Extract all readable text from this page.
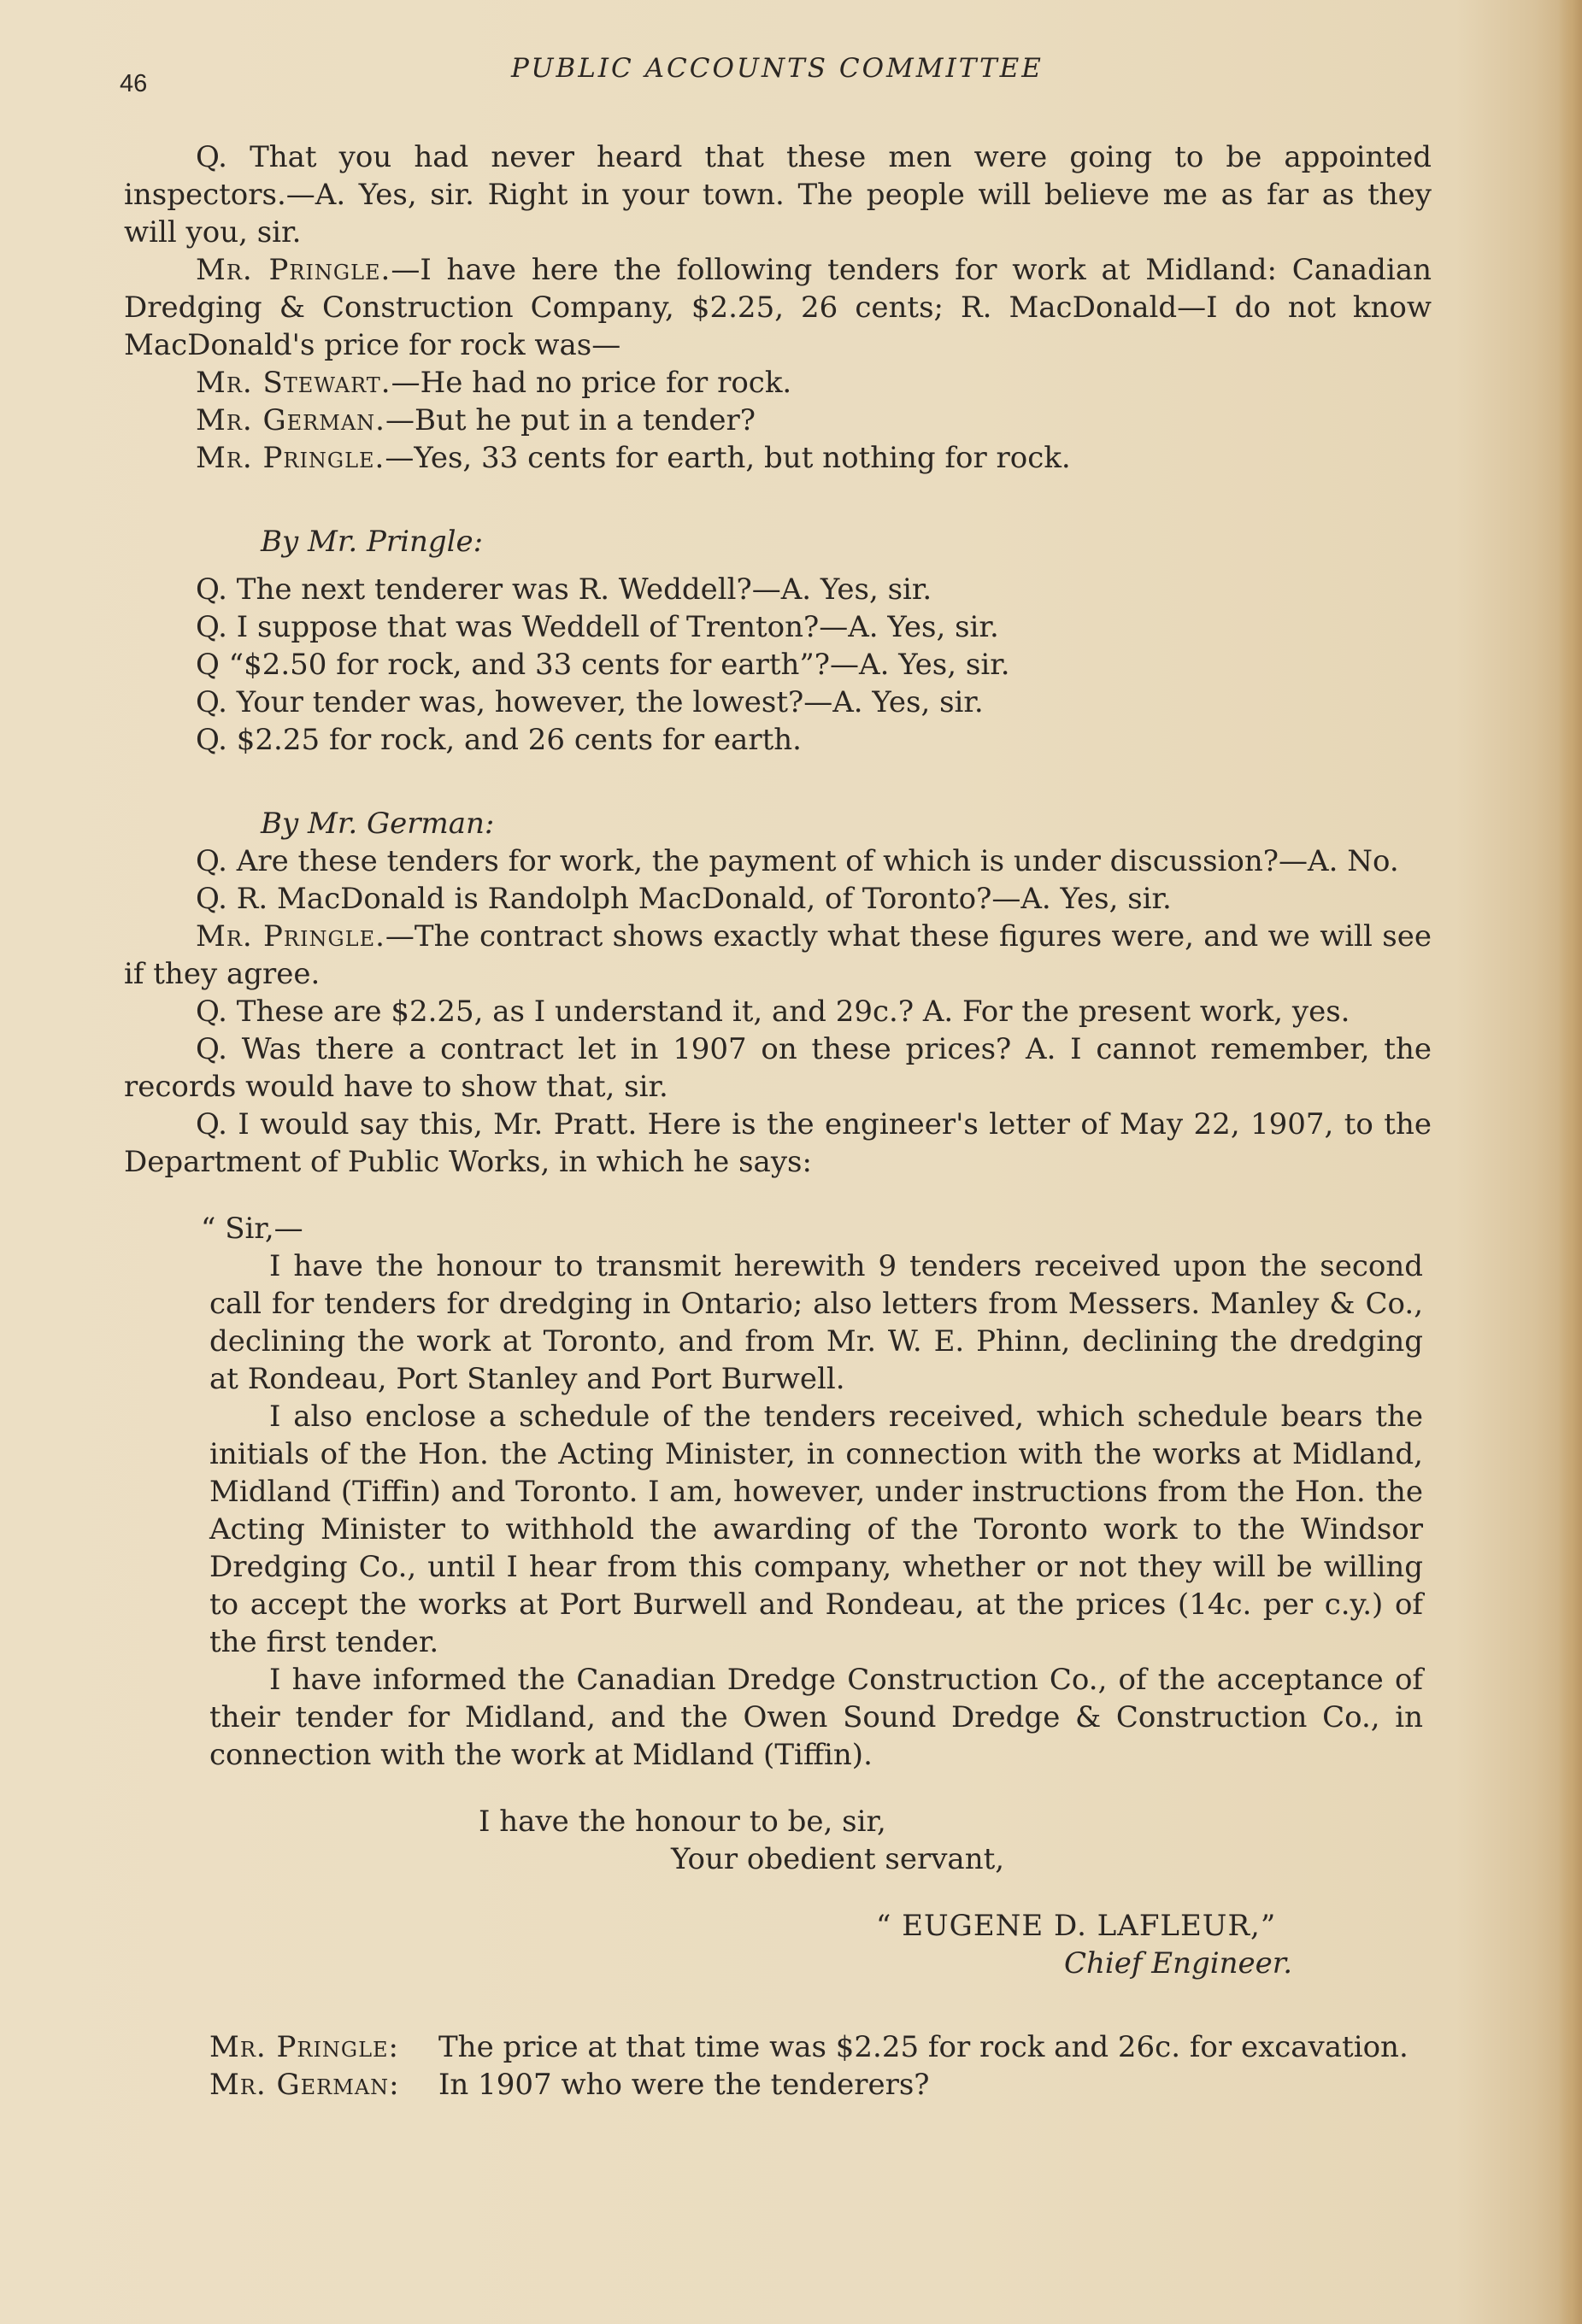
46	PUBLIC ACCOUNTS COMMITTEE

Q. That you had never heard that these men were going to be appointed inspectors.—A. Yes, sir. Right in your town. The people will believe me as far as they will you, sir.

Mr. Pringle.—I have here the following tenders for work at Midland: Canadian Dredging & Construction Company, $2.25, 26 cents; R. MacDonald—I do not know MacDonald's price for rock was—

Mr. Stewart.—He had no price for rock.

Mr. German.—But he put in a tender?

Mr. Pringle.—Yes, 33 cents for earth, but nothing for rock.

By Mr. Pringle:

Q. The next tenderer was R. Weddell?—A. Yes, sir.

Q. I suppose that was Weddell of Trenton?—A. Yes, sir.

Q “$2.50 for rock, and 33 cents for earth”?—A. Yes, sir.

Q. Your tender was, however, the lowest?—A. Yes, sir.

Q. $2.25 for rock, and 26 cents for earth.

By Mr. German:

Q. Are these tenders for work, the payment of which is under discussion?—A. No.

Q. R. MacDonald is Randolph MacDonald, of Toronto?—A. Yes, sir.

Mr. Pringle.—The contract shows exactly what these figures were, and we will see if they agree.

Q. These are $2.25, as I understand it, and 29c.? A. For the present work, yes.

Q. Was there a contract let in 1907 on these prices? A. I cannot remember, the records would have to show that, sir.

Q. I would say this, Mr. Pratt. Here is the engineer's letter of May 22, 1907, to the Department of Public Works, in which he says:

“ Sir,—

I have the honour to transmit herewith 9 tenders received upon the second call for tenders for dredging in Ontario; also letters from Messers. Manley & Co., declining the work at Toronto, and from Mr. W. E. Phinn, declining the dredging at Rondeau, Port Stanley and Port Burwell.

I also enclose a schedule of the tenders received, which schedule bears the initials of the Hon. the Acting Minister, in connection with the works at Midland, Midland (Tiffin) and Toronto. I am, however, under instructions from the Hon. the Acting Minister to withhold the awarding of the Toronto work to the Windsor Dredging Co., until I hear from this company, whether or not they will be willing to accept the works at Port Burwell and Rondeau, at the prices (14c. per c.y.) of the first tender.

I have informed the Canadian Dredge Construction Co., of the acceptance of their tender for Midland, and the Owen Sound Dredge & Construction Co., in connection with the work at Midland (Tiffin).

I have the honour to be, sir,

Your obedient servant,

“ EUGENE D. LAFLEUR,”

Chief Engineer.

Mr. Pringle:	The price at that time was $2.25 for rock and 26c. for excavation.
Mr. German:	In 1907 who were the tenderers?
